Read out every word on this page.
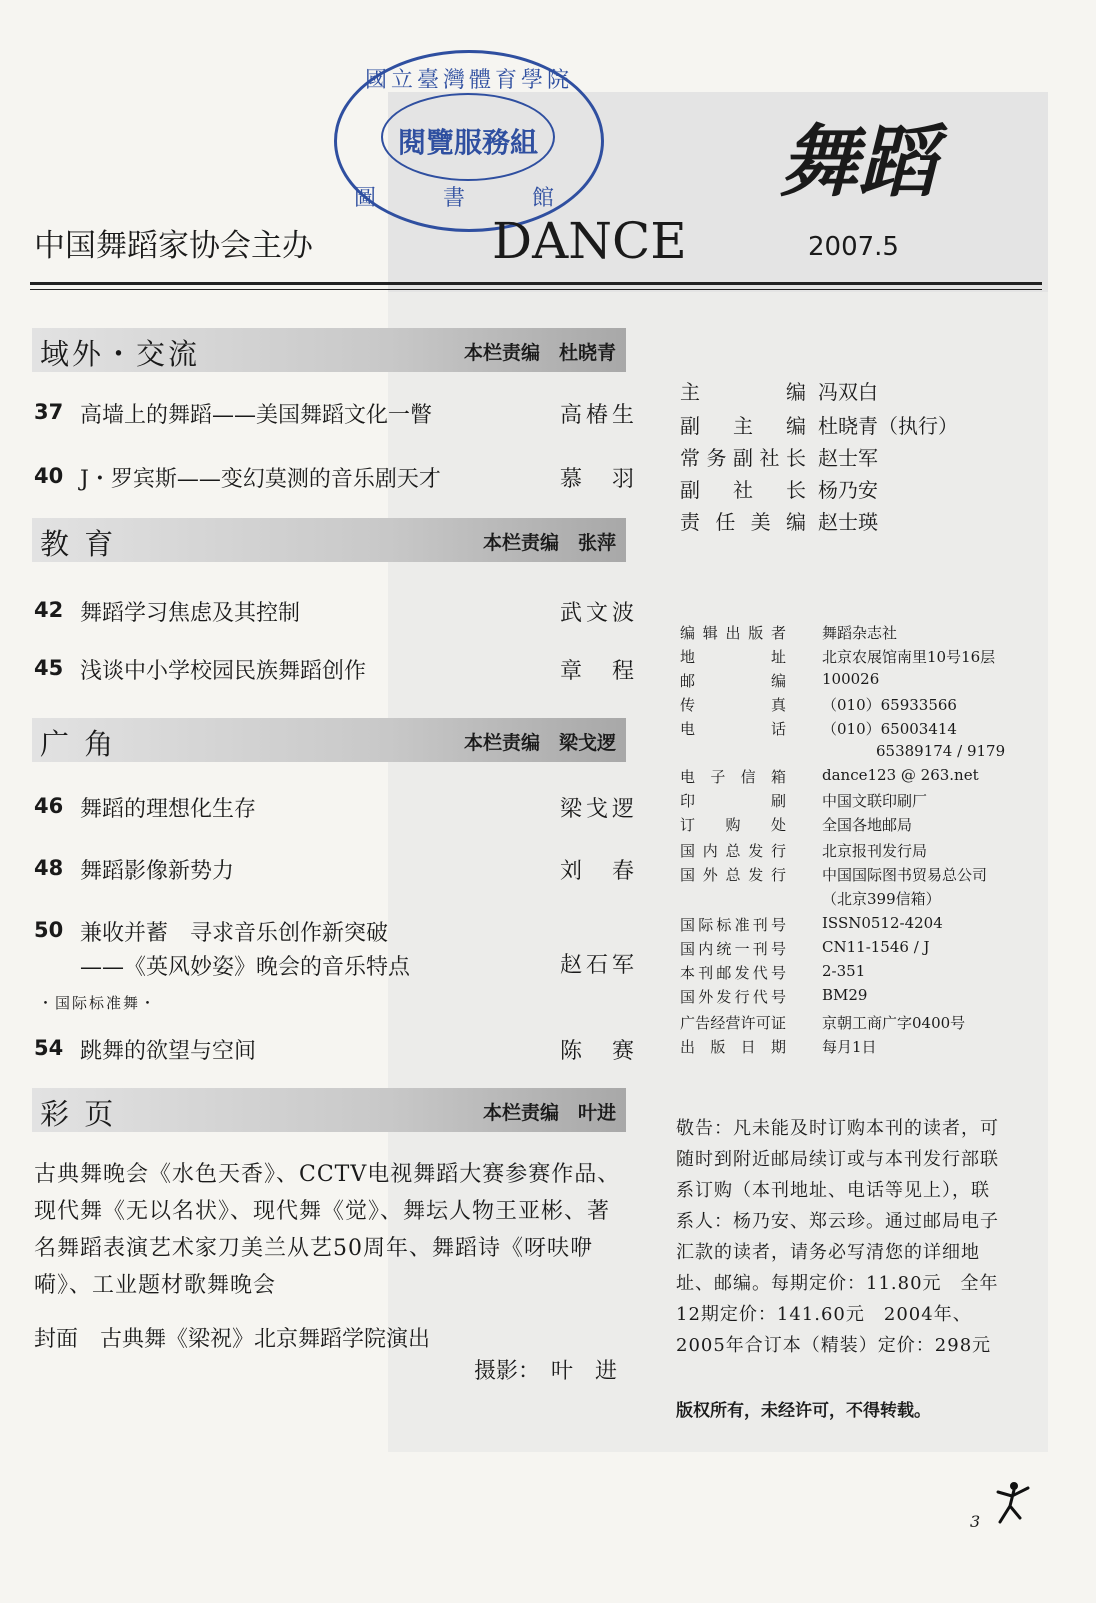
國立臺灣體育學院
閱覽服務組
圖 書 館	舞蹈
中国舞蹈家协会主办	DANCE	2007.5
域外・交流	本栏责编　杜晓青
37 高墙上的舞蹈——美国舞蹈文化一瞥	高椿生
40 J・罗宾斯——变幻莫测的音乐剧天才	慕　羽
教 育	本栏责编　张萍
42 舞蹈学习焦虑及其控制	武文波
45 浅谈中小学校园民族舞蹈创作	章　程
广 角	本栏责编　梁戈逻
46 舞蹈的理想化生存	梁戈逻
48 舞蹈影像新势力	刘　春
50 兼收并蓄　寻求音乐创作新突破
——《英风妙姿》晚会的音乐特点	赵石军
・国际标准舞・
54 跳舞的欲望与空间	陈　赛
彩 页	本栏责编　叶进
古典舞晚会《水色天香》、CCTV电视舞蹈大赛参赛作品、现代舞《无以名状》、现代舞《觉》、舞坛人物王亚彬、著名舞蹈表演艺术家刀美兰从艺50周年、舞蹈诗《呀呋咿嗬》、工业题材歌舞晚会
封面　古典舞《梁祝》北京舞蹈学院演出
摄影：　叶　进
主编 冯双白
副主编 杜晓青（执行）
常务副社长 赵士军
副社长 杨乃安
责任美编 赵士瑛
编辑出版者 舞蹈杂志社
地址 北京农展馆南里10号16层
邮编 100026
传真 （010）65933566
电话 （010）65003414
65389174 / 9179
电子信箱 dance123 @ 263.net
印刷 中国文联印刷厂
订购处 全国各地邮局
国内总发行 北京报刊发行局
国外总发行 中国国际图书贸易总公司
（北京399信箱）
国际标准刊号 ISSN0512-4204
国内统一刊号 CN11-1546 / J
本刊邮发代号 2-351
国外发行代号 BM29
广告经营许可证 京朝工商广字0400号
出版日期 每月1日
敬告：凡未能及时订购本刊的读者，可随时到附近邮局续订或与本刊发行部联系订购（本刊地址、电话等见上），联系人：杨乃安、郑云珍。通过邮局电子汇款的读者，请务必写清您的详细地址、邮编。每期定价：11.80元　全年12期定价：141.60元　2004年、2005年合订本（精装）定价：298元
版权所有，未经许可，不得转载。
3
